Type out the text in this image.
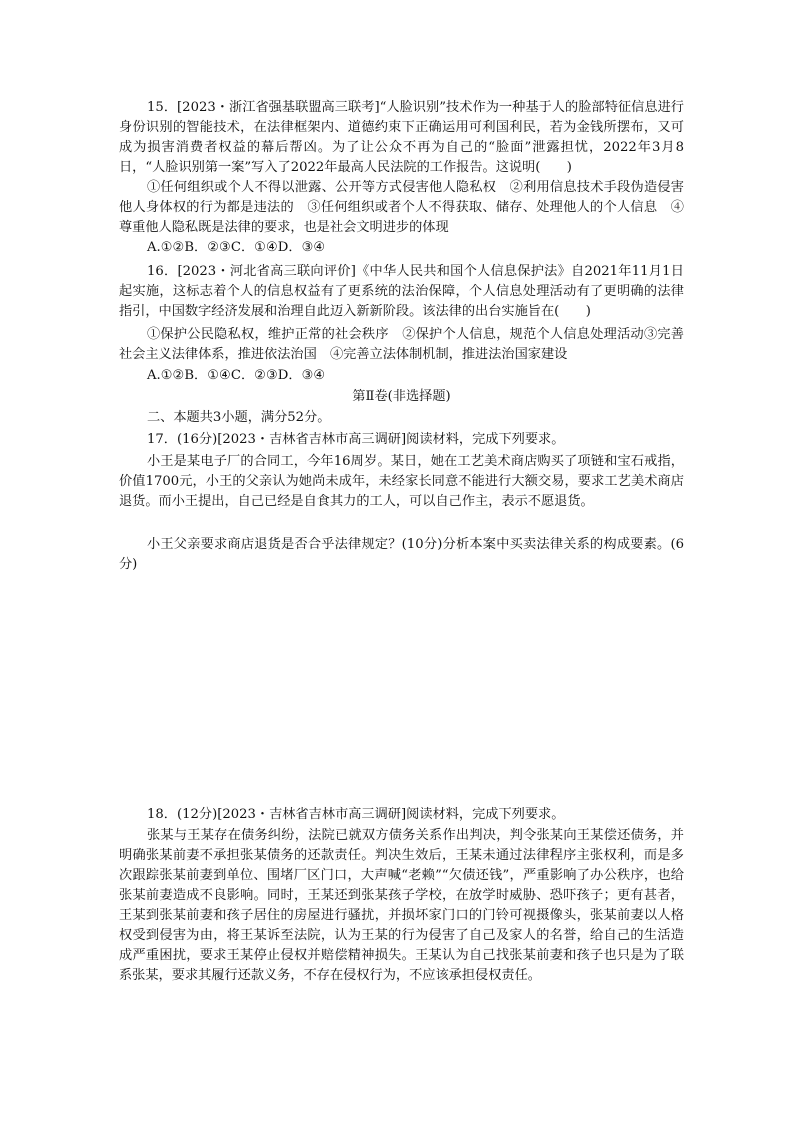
15．[2023・浙江省强基联盟高三联考]“人脸识别”技术作为一种基于人的脸部特征信息进行身份识别的智能技术，在法律框架内、道德约束下正确运用可利国利民，若为金钱所摆布，又可成为损害消费者权益的幕后帮凶。为了让公众不再为自己的“脸面”泄露担忧，2022年3月8日，“人脸识别第一案”写入了2022年最高人民法院的工作报告。这说明(　　)
①任何组织或个人不得以泄露、公开等方式侵害他人隐私权　②利用信息技术手段伪造侵害他人身体权的行为都是违法的　③任何组织或者个人不得获取、储存、处理他人的个人信息　④尊重他人隐私既是法律的要求，也是社会文明进步的体现
A.①②B．②③C．①④D．③④
16．[2023・河北省高三联向评价]《中华人民共和国个人信息保护法》自2021年11月1日起实施，这标志着个人的信息权益有了更系统的法治保障，个人信息处理活动有了更明确的法律指引，中国数字经济发展和治理自此迈入新新阶段。该法律的出台实施旨在(　　)
①保护公民隐私权，维护正常的社会秩序　②保护个人信息，规范个人信息处理活动③完善社会主义法律体系，推进依法治国　④完善立法体制机制，推进法治国家建设
A.①②B．①④C．②③D．③④
第Ⅱ卷(非选择题)
二、本题共3小题，满分52分。
17．(16分)[2023・吉林省吉林市高三调研]阅读材料，完成下列要求。
小王是某电子厂的合同工，今年16周岁。某日，她在工艺美术商店购买了项链和宝石戒指，价值1700元，小王的父亲认为她尚未成年，未经家长同意不能进行大额交易，要求工艺美术商店退货。而小王提出，自己已经是自食其力的工人，可以自己作主，表示不愿退货。
小王父亲要求商店退货是否合乎法律规定？(10分)分析本案中买卖法律关系的构成要素。(6分)
18．(12分)[2023・吉林省吉林市高三调研]阅读材料，完成下列要求。
张某与王某存在债务纠纷，法院已就双方债务关系作出判决，判令张某向王某偿还债务，并明确张某前妻不承担张某债务的还款责任。判决生效后，王某未通过法律程序主张权利，而是多次跟踪张某前妻到单位、围堵厂区门口，大声喊“老赖”“欠债还钱”，严重影响了办公秩序，也给张某前妻造成不良影响。同时，王某还到张某孩子学校，在放学时威胁、恐吓孩子；更有甚者，王某到张某前妻和孩子居住的房屋进行骚扰，并损坏家门口的门铃可视摄像头，张某前妻以人格权受到侵害为由，将王某诉至法院，认为王某的行为侵害了自己及家人的名誉，给自己的生活造成严重困扰，要求王某停止侵权并赔偿精神损失。王某认为自己找张某前妻和孩子也只是为了联系张某，要求其履行还款义务，不存在侵权行为，不应该承担侵权责任。
